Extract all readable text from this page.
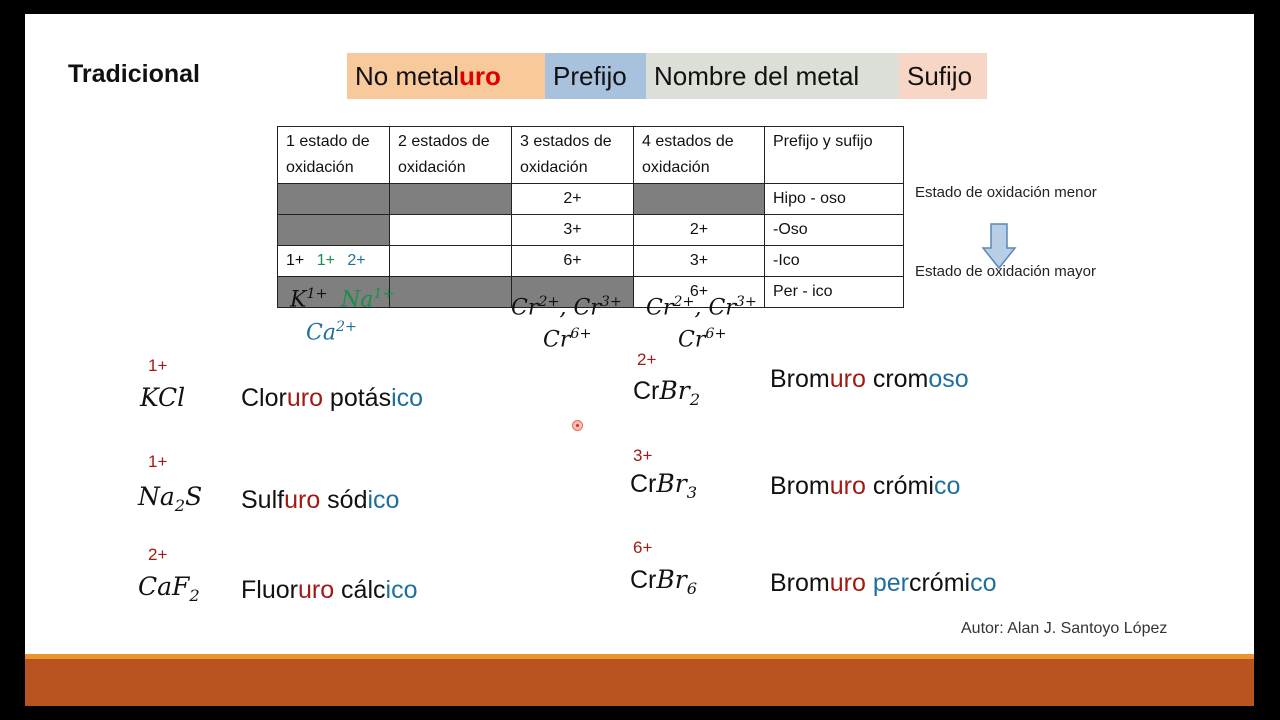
Tradicional	No metaluro	Prefijo	Nombre del metal	Sufijo
1 estado de oxidación	2 estados de oxidación	3 estados de oxidación	4 estados de oxidación	Prefijo y sufijo
		2+		Hipo - oso
		3+	2+	-Oso
1+ 1+ 2+		6+	3+	-Ico
			6+	Per - ico
Estado de oxidación menor
Estado de oxidación mayor
$K^{1+}$ $Na^{1+}$
$Ca^{2+}$
$Cr^{2+}$, $Cr^{3+}$
$Cr^{6+}$
$Cr^{2+}$, $Cr^{3+}$
$Cr^{6+}$
1+
KCl Cloruro potásico
1+
$Na_2S$ Sulfuro sódico
2+
CaF$_2$ Fluoruro cálcico
2+
CrBr$_2$
Bromuro cromoso
3+
CrBr$_3$	Bromuro crómico
6+
CrBr$_6$	Bromuro percrómico
Autor: Alan J. Santoyo López
